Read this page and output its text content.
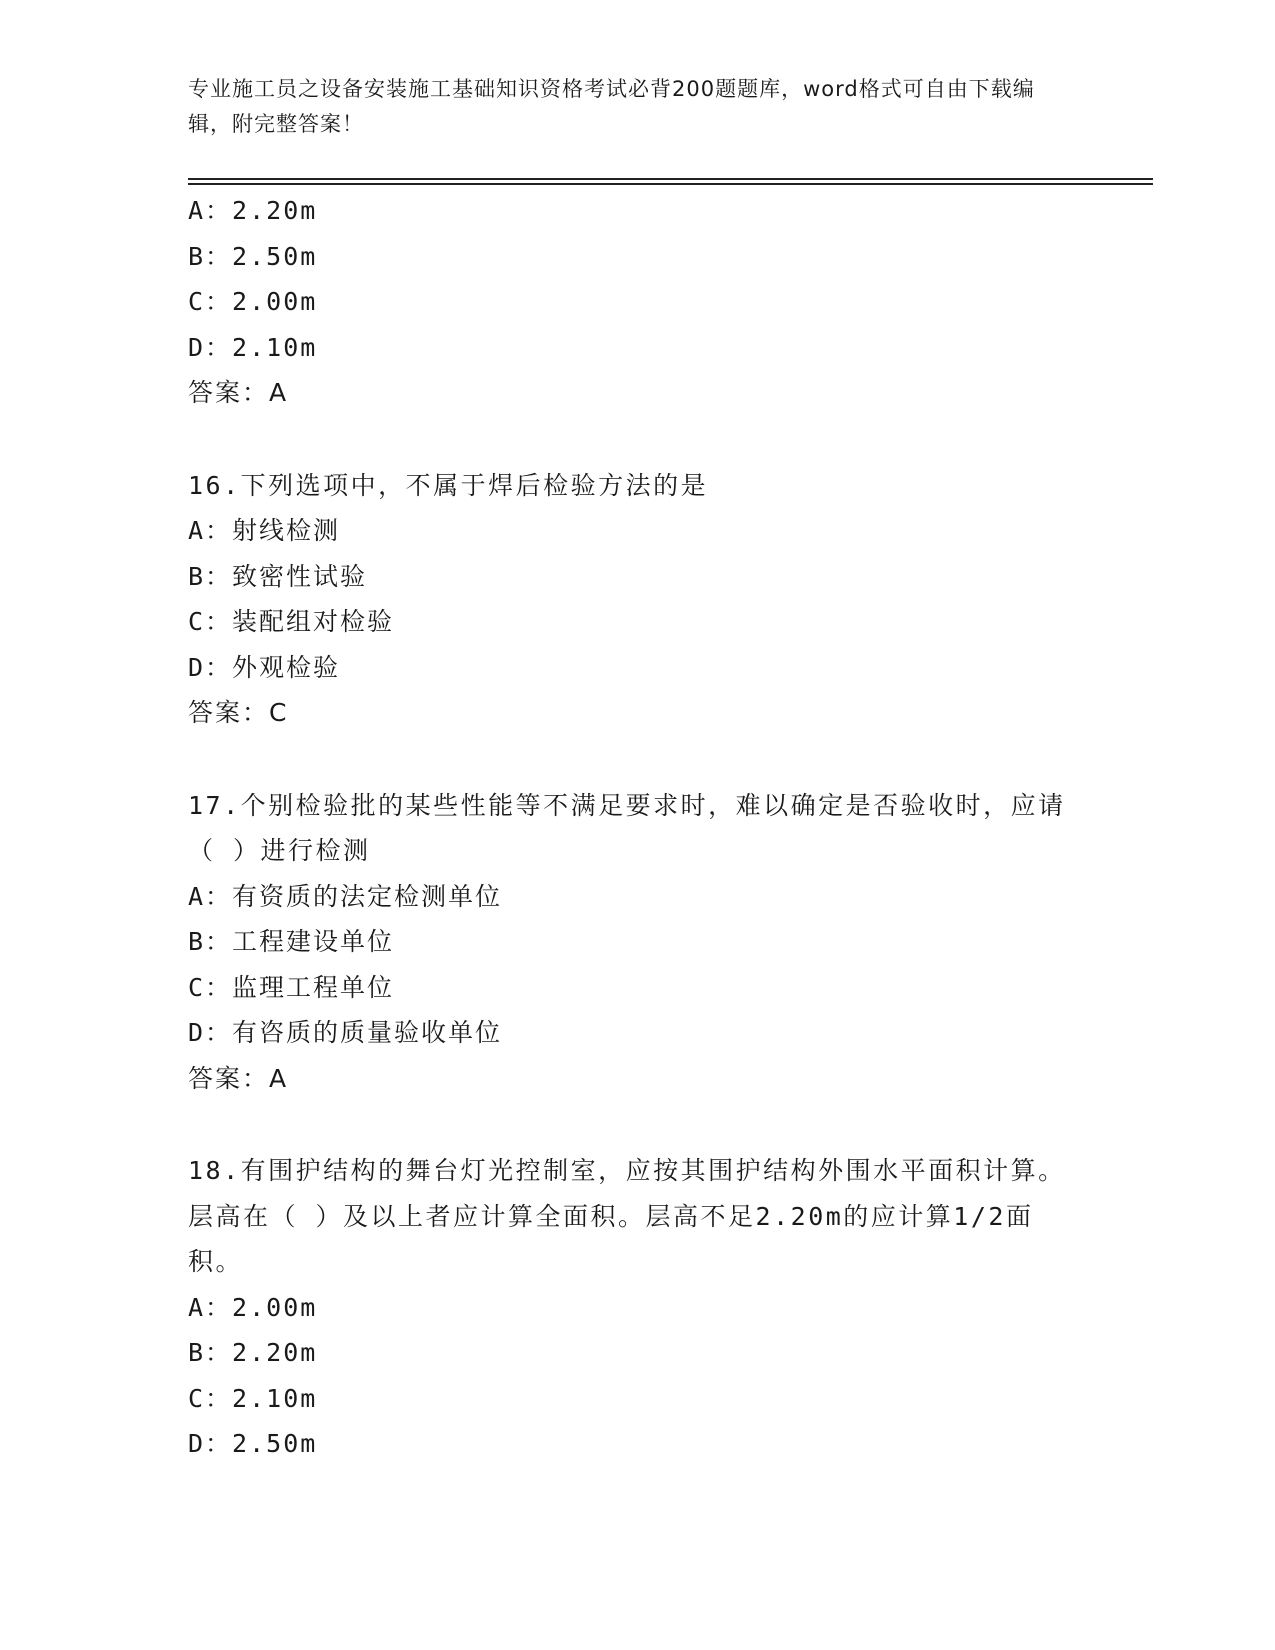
专业施工员之设备安装施工基础知识资格考试必背200题题库，word格式可自由下载编辑，附完整答案！
A：2.20m
B：2.50m
C：2.00m
D：2.10m
答案：A
16.下列选项中，不属于焊后检验方法的是
A：射线检测
B：致密性试验
C：装配组对检验
D：外观检验
答案：C
17.个别检验批的某些性能等不满足要求时，难以确定是否验收时，应请（ ）进行检测
A：有资质的法定检测单位
B：工程建设单位
C：监理工程单位
D：有咨质的质量验收单位
答案：A
18.有围护结构的舞台灯光控制室，应按其围护结构外围水平面积计算。层高在（ ）及以上者应计算全面积。层高不足2.20m的应计算1/2面积。
A：2.00m
B：2.20m
C：2.10m
D：2.50m
